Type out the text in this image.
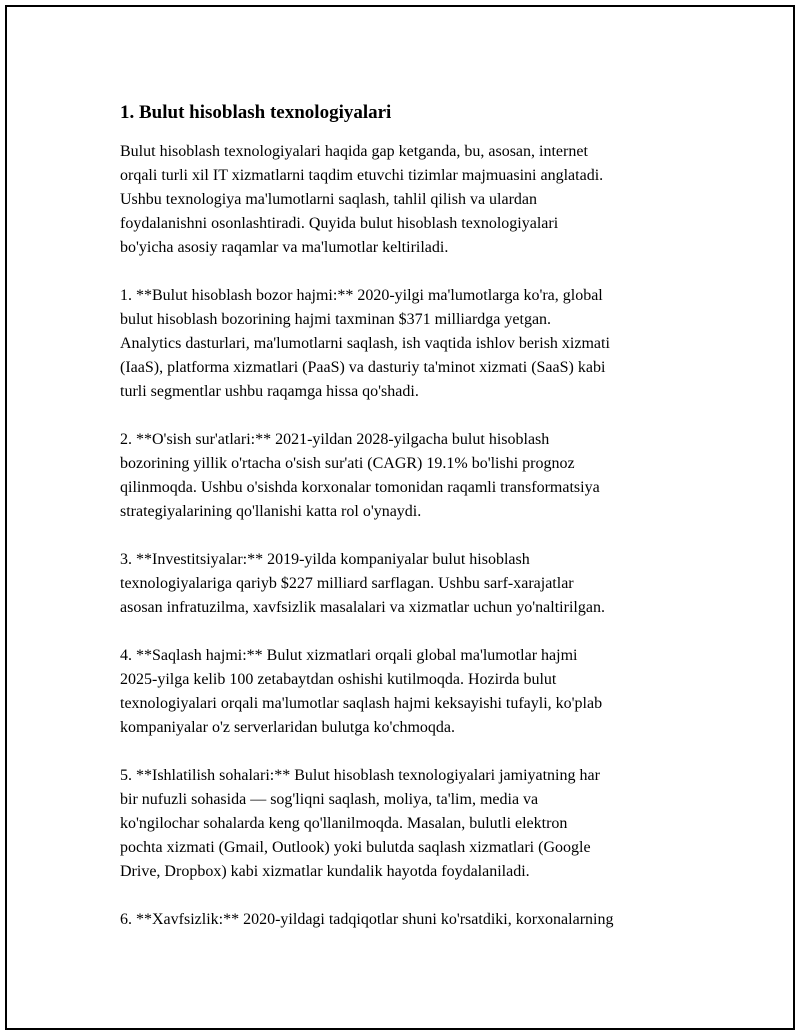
1. Bulut hisoblash texnologiyalari

Bulut hisoblash texnologiyalari haqida gap ketganda, bu, asosan, internet
orqali turli xil IT xizmatlarni taqdim etuvchi tizimlar majmuasini anglatadi.
Ushbu texnologiya ma'lumotlarni saqlash, tahlil qilish va ulardan
foydalanishni osonlashtiradi. Quyida bulut hisoblash texnologiyalari
bo'yicha asosiy raqamlar va ma'lumotlar keltiriladi.

1. **Bulut hisoblash bozor hajmi:** 2020-yilgi ma'lumotlarga ko'ra, global
bulut hisoblash bozorining hajmi taxminan $371 milliardga yetgan.
Analytics dasturlari, ma'lumotlarni saqlash, ish vaqtida ishlov berish xizmati
(IaaS), platforma xizmatlari (PaaS) va dasturiy ta'minot xizmati (SaaS) kabi
turli segmentlar ushbu raqamga hissa qo'shadi.

2. **O'sish sur'atlari:** 2021-yildan 2028-yilgacha bulut hisoblash
bozorining yillik o'rtacha o'sish sur'ati (CAGR) 19.1% bo'lishi prognoz
qilinmoqda. Ushbu o'sishda korxonalar tomonidan raqamli transformatsiya
strategiyalarining qo'llanishi katta rol o'ynaydi.

3. **Investitsiyalar:** 2019-yilda kompaniyalar bulut hisoblash
texnologiyalariga qariyb $227 milliard sarflagan. Ushbu sarf-xarajatlar
asosan infratuzilma, xavfsizlik masalalari va xizmatlar uchun yo'naltirilgan.

4. **Saqlash hajmi:** Bulut xizmatlari orqali global ma'lumotlar hajmi
2025-yilga kelib 100 zetabaytdan oshishi kutilmoqda. Hozirda bulut
texnologiyalari orqali ma'lumotlar saqlash hajmi keksayishi tufayli, ko'plab
kompaniyalar o'z serverlaridan bulutga ko'chmoqda.

5. **Ishlatilish sohalari:** Bulut hisoblash texnologiyalari jamiyatning har
bir nufuzli sohasida — sog'liqni saqlash, moliya, ta'lim, media va
ko'ngilochar sohalarda keng qo'llanilmoqda. Masalan, bulutli elektron
pochta xizmati (Gmail, Outlook) yoki bulutda saqlash xizmatlari (Google
Drive, Dropbox) kabi xizmatlar kundalik hayotda foydalaniladi.

6. **Xavfsizlik:** 2020-yildagi tadqiqotlar shuni ko'rsatdiki, korxonalarning
